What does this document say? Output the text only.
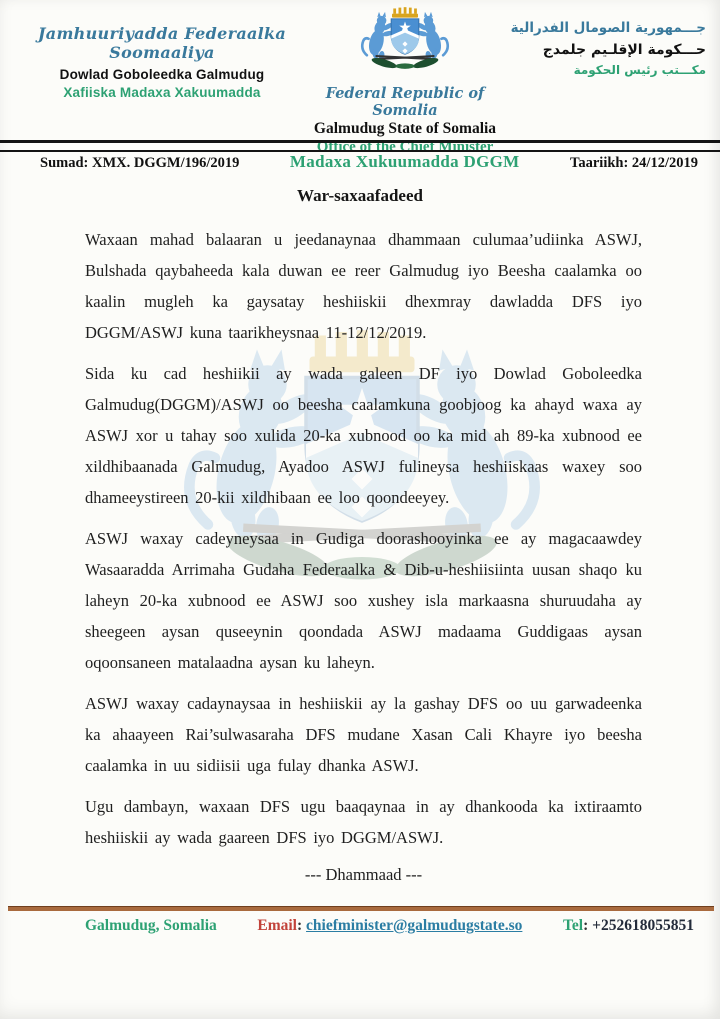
Jamhuuriyadda Federaalka Soomaaliya
Dowlad Goboleedka Galmudug
Xafiiska Madaxa Xakuumadda	Federal Republic of Somalia
Galmudug State of Somalia
Office of the Chief Minister
جـــمهورية الصومال الفدرالية
حـــكومة الإقلـيم جلمدج
مكـــتب رئيس الحكومة
Sumad: XMX. DGGM/196/2019	Madaxa Xukuumadda DGGM	Taariikh: 24/12/2019
War-saxaafadeed

Waxaan mahad balaaran u jeedanaynaa dhammaan culumaa’udiinka ASWJ, Bulshada qaybaheeda kala duwan ee reer Galmudug iyo Beesha caalamka oo kaalin mugleh ka gaysatay heshiiskii dhexmray dawladda DFS iyo DGGM/ASWJ kuna taarikheysnaa 11-12/12/2019.

Sida ku cad heshiikii ay wada galeen DF iyo Dowlad Goboleedka Galmudug(DGGM)/ASWJ oo beesha caalamkuna goobjoog ka ahayd waxa ay ASWJ xor u tahay soo xulida 20-ka xubnood oo ka mid ah 89-ka xubnood ee xildhibaanada Galmudug, Ayadoo ASWJ fulineysa heshiiskaas waxey soo dhameeystireen 20-kii xildhibaan ee loo qoondeeyey.

ASWJ waxay cadeyneysaa in Gudiga doorashooyinka ee ay magacaawdey Wasaaradda Arrimaha Gudaha Federaalka & Dib-u-heshiisiinta uusan shaqo ku laheyn 20-ka xubnood ee ASWJ soo xushey isla markaasna shuruudaha ay sheegeen aysan quseeynin qoondada ASWJ madaama Guddigaas aysan oqoonsaneen matalaadna aysan ku laheyn.

ASWJ waxay cadaynaysaa in heshiiskii ay la gashay DFS oo uu garwadeenka ka ahaayeen Rai’sulwasaraha DFS mudane Xasan Cali Khayre iyo beesha caalamka in uu sidiisii uga fulay dhanka ASWJ.

Ugu dambayn, waxaan DFS ugu baaqaynaa in ay dhankooda ka ixtiraamto heshiiskii ay wada gaareen DFS iyo DGGM/ASWJ.

--- Dhammaad ---
Galmudug, Somalia	Email: chiefminister@galmudugstate.so	Tel: +252618055851
